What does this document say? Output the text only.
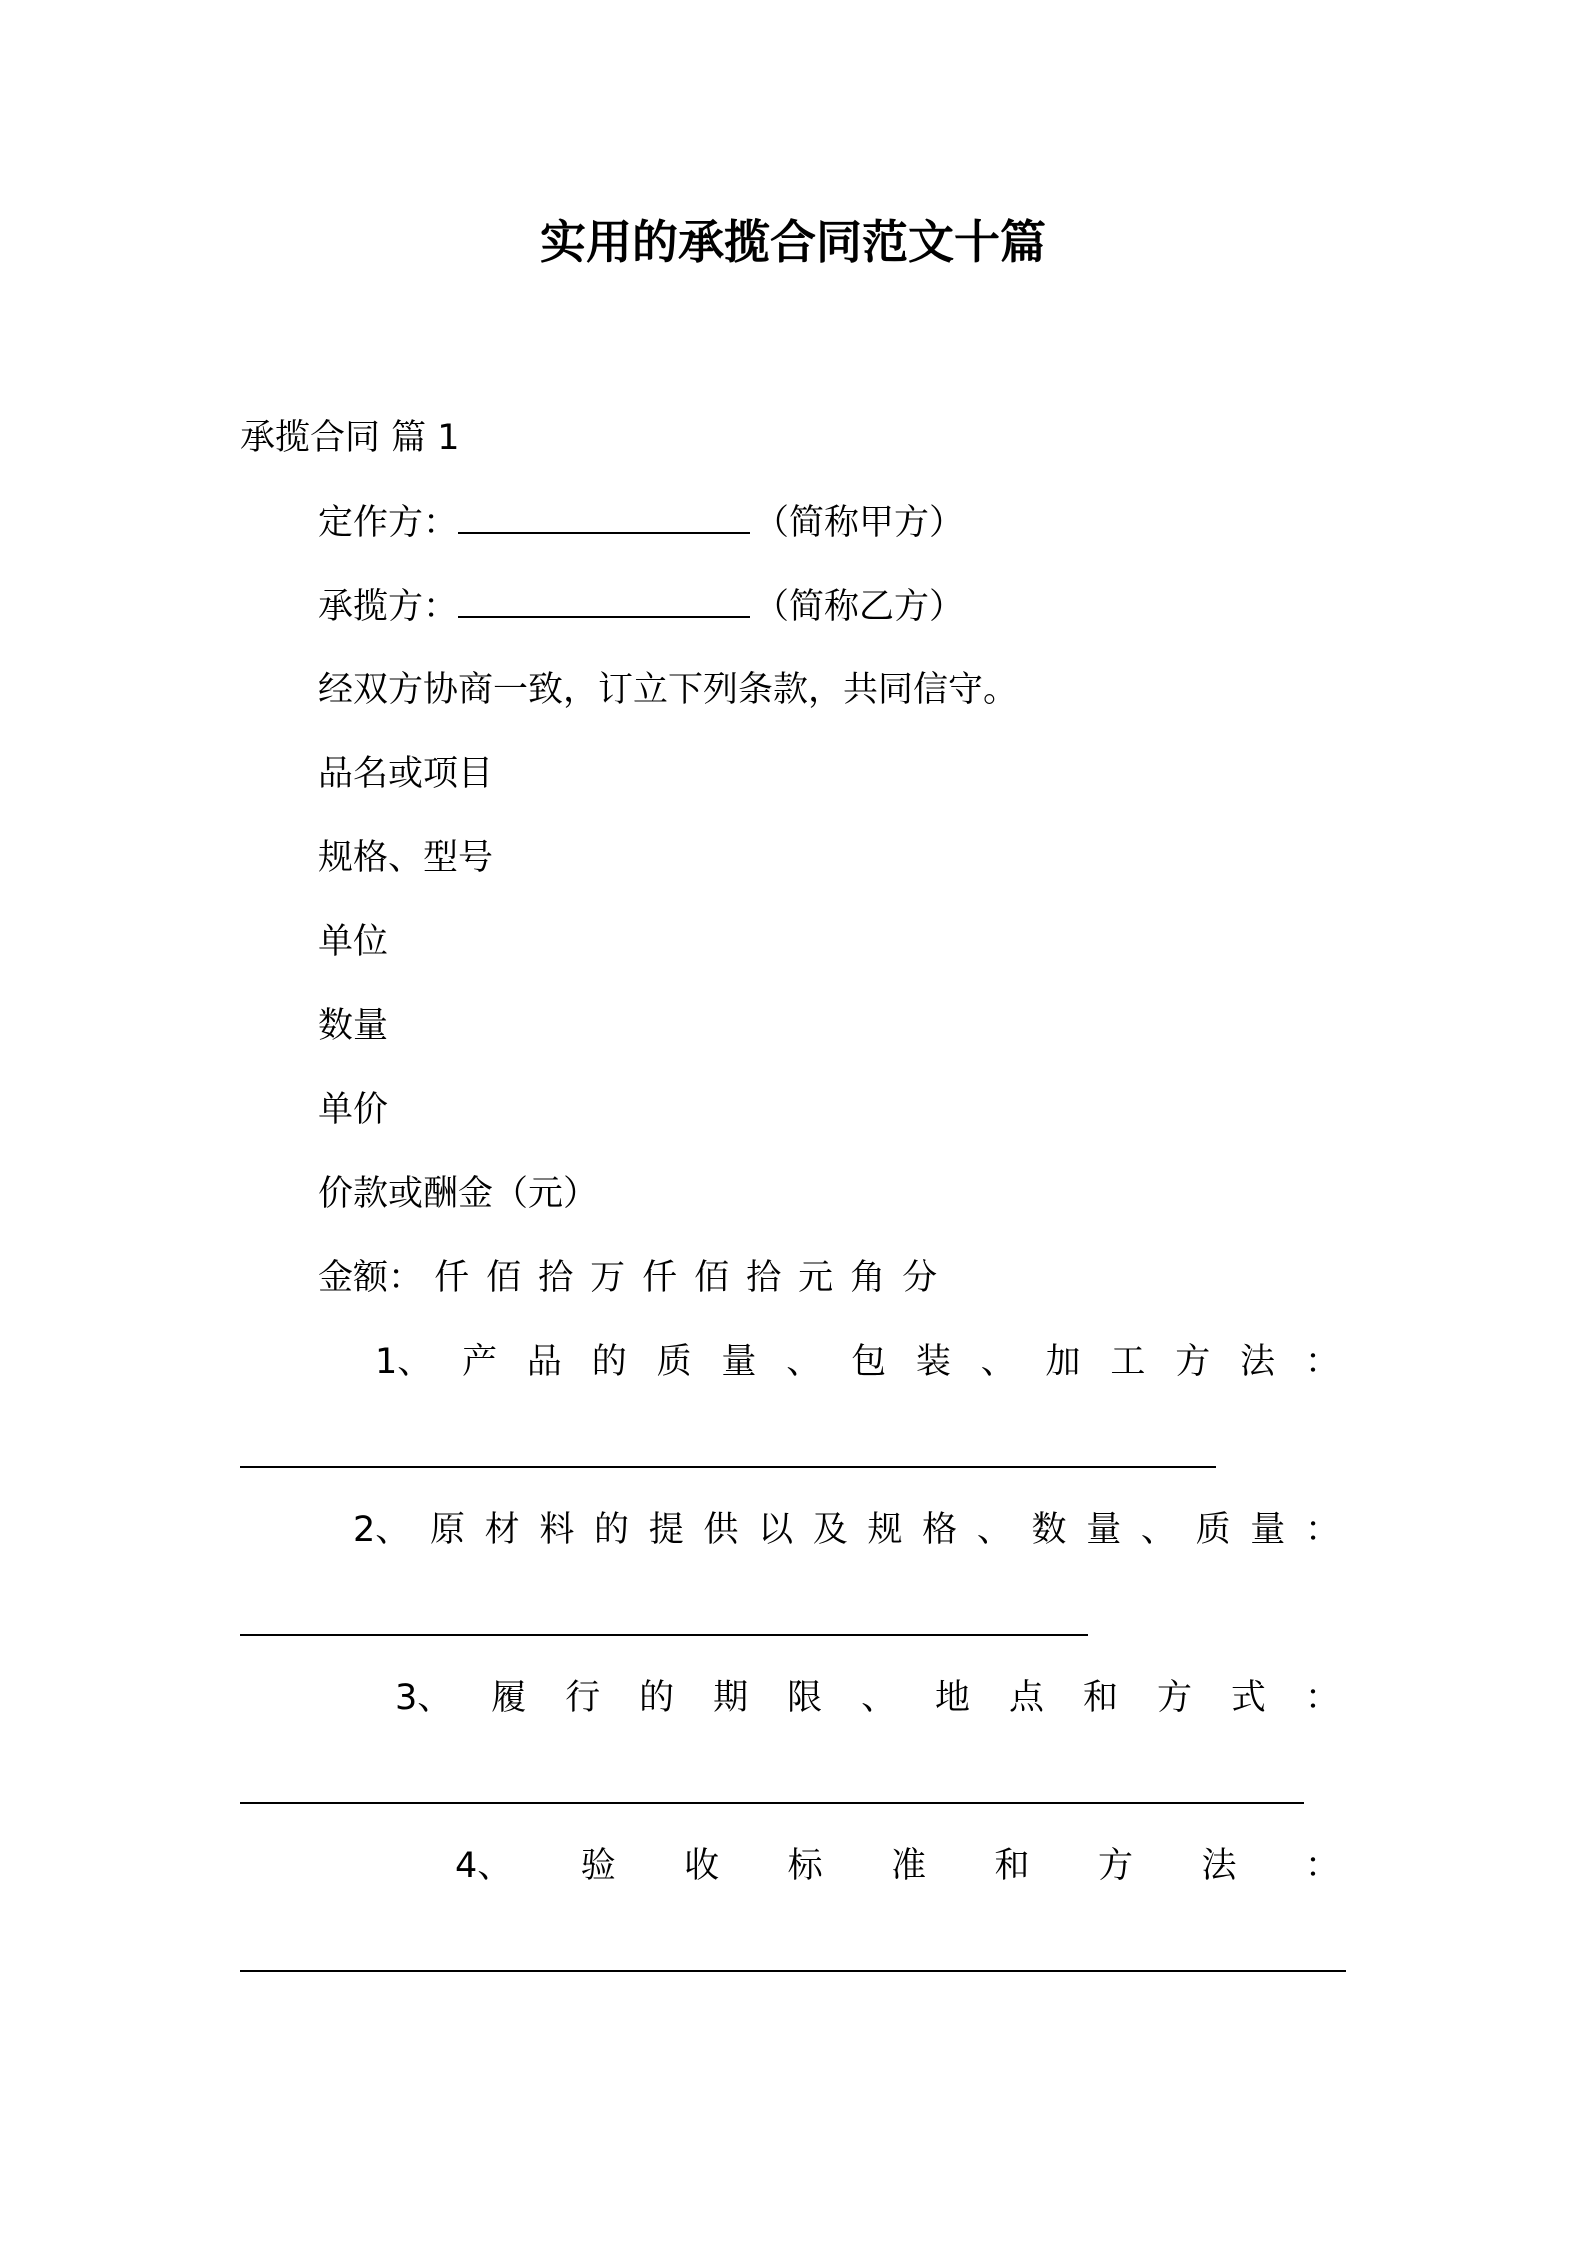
实用的承揽合同范文十篇
承揽合同 篇 1
定作方：	（简称甲方）
承揽方：	（简称乙方）
经双方协商一致，订立下列条款，共同信守。
品名或项目
规格、型号
单位
数量
单价
价款或酬金（元）
金额： 仟 佰 拾 万 仟 佰 拾 元 角 分
1、 产 品 的 质 量 、 包 装 、 加 工 方 法 ：
2、 原 材 料 的 提 供 以 及 规 格 、 数 量 、 质 量 ：
3、 履 行 的 期 限 、 地 点 和 方 式 ：
4、 验 收 标 准 和 方 法 ：
